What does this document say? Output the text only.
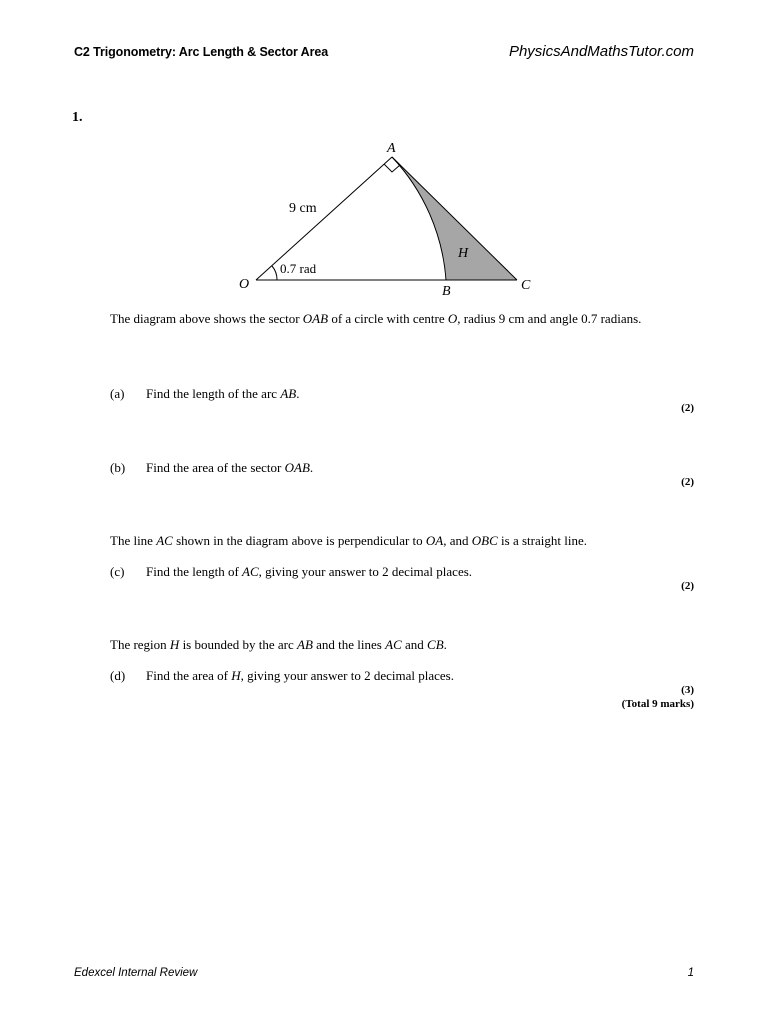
C2 Trigonometry: Arc Length & Sector Area	PhysicsAndMathsTutor.com
1.
A
O	B	C
H
9 cm
0.7 rad
The diagram above shows the sector OAB of a circle with centre O, radius 9 cm and angle 0.7 radians.
(a) Find the length of the arc AB.
(2)
(b) Find the area of the sector OAB.
(2)
The line AC shown in the diagram above is perpendicular to OA, and OBC is a straight line.
(c) Find the length of AC, giving your answer to 2 decimal places.
(2)
The region H is bounded by the arc AB and the lines AC and CB.
(d) Find the area of H, giving your answer to 2 decimal places.
(3)
(Total 9 marks)
Edexcel Internal Review	1
